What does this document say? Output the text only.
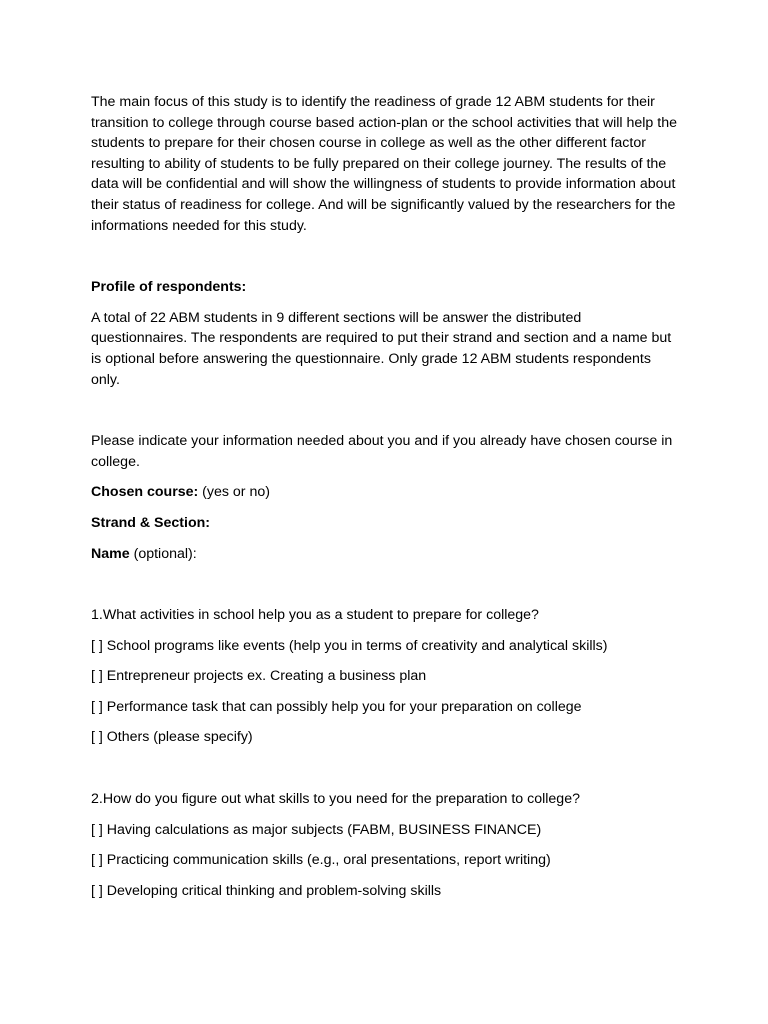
The main focus of this study is to identify the readiness of grade 12 ABM students for their transition to college through course based action-plan or the school activities that will help the students to prepare for their chosen course in college as well as the other different factor resulting to ability of students to be fully prepared on their college journey. The results of the data will be confidential and will show the willingness of students to provide information about their status of readiness for college. And will be significantly valued by the researchers for the informations needed for this study.

Profile of respondents:

A total of 22 ABM students in 9 different sections will be answer the distributed questionnaires. The respondents are required to put their strand and section and a name but is optional before answering the questionnaire. Only grade 12 ABM students respondents only.

Please indicate your information needed about you and if you already have chosen course in college.

Chosen course: (yes or no)

Strand & Section:

Name (optional):

1.What activities in school help you as a student to prepare for college?

[ ] School programs like events (help you in terms of creativity and analytical skills)

[ ] Entrepreneur projects ex. Creating a business plan

[ ] Performance task that can possibly help you for your preparation on college

[ ] Others (please specify)

2.How do you figure out what skills to you need for the preparation to college?

[ ] Having calculations as major subjects (FABM, BUSINESS FINANCE)

[ ] Practicing communication skills (e.g., oral presentations, report writing)

[ ] Developing critical thinking and problem-solving skills
